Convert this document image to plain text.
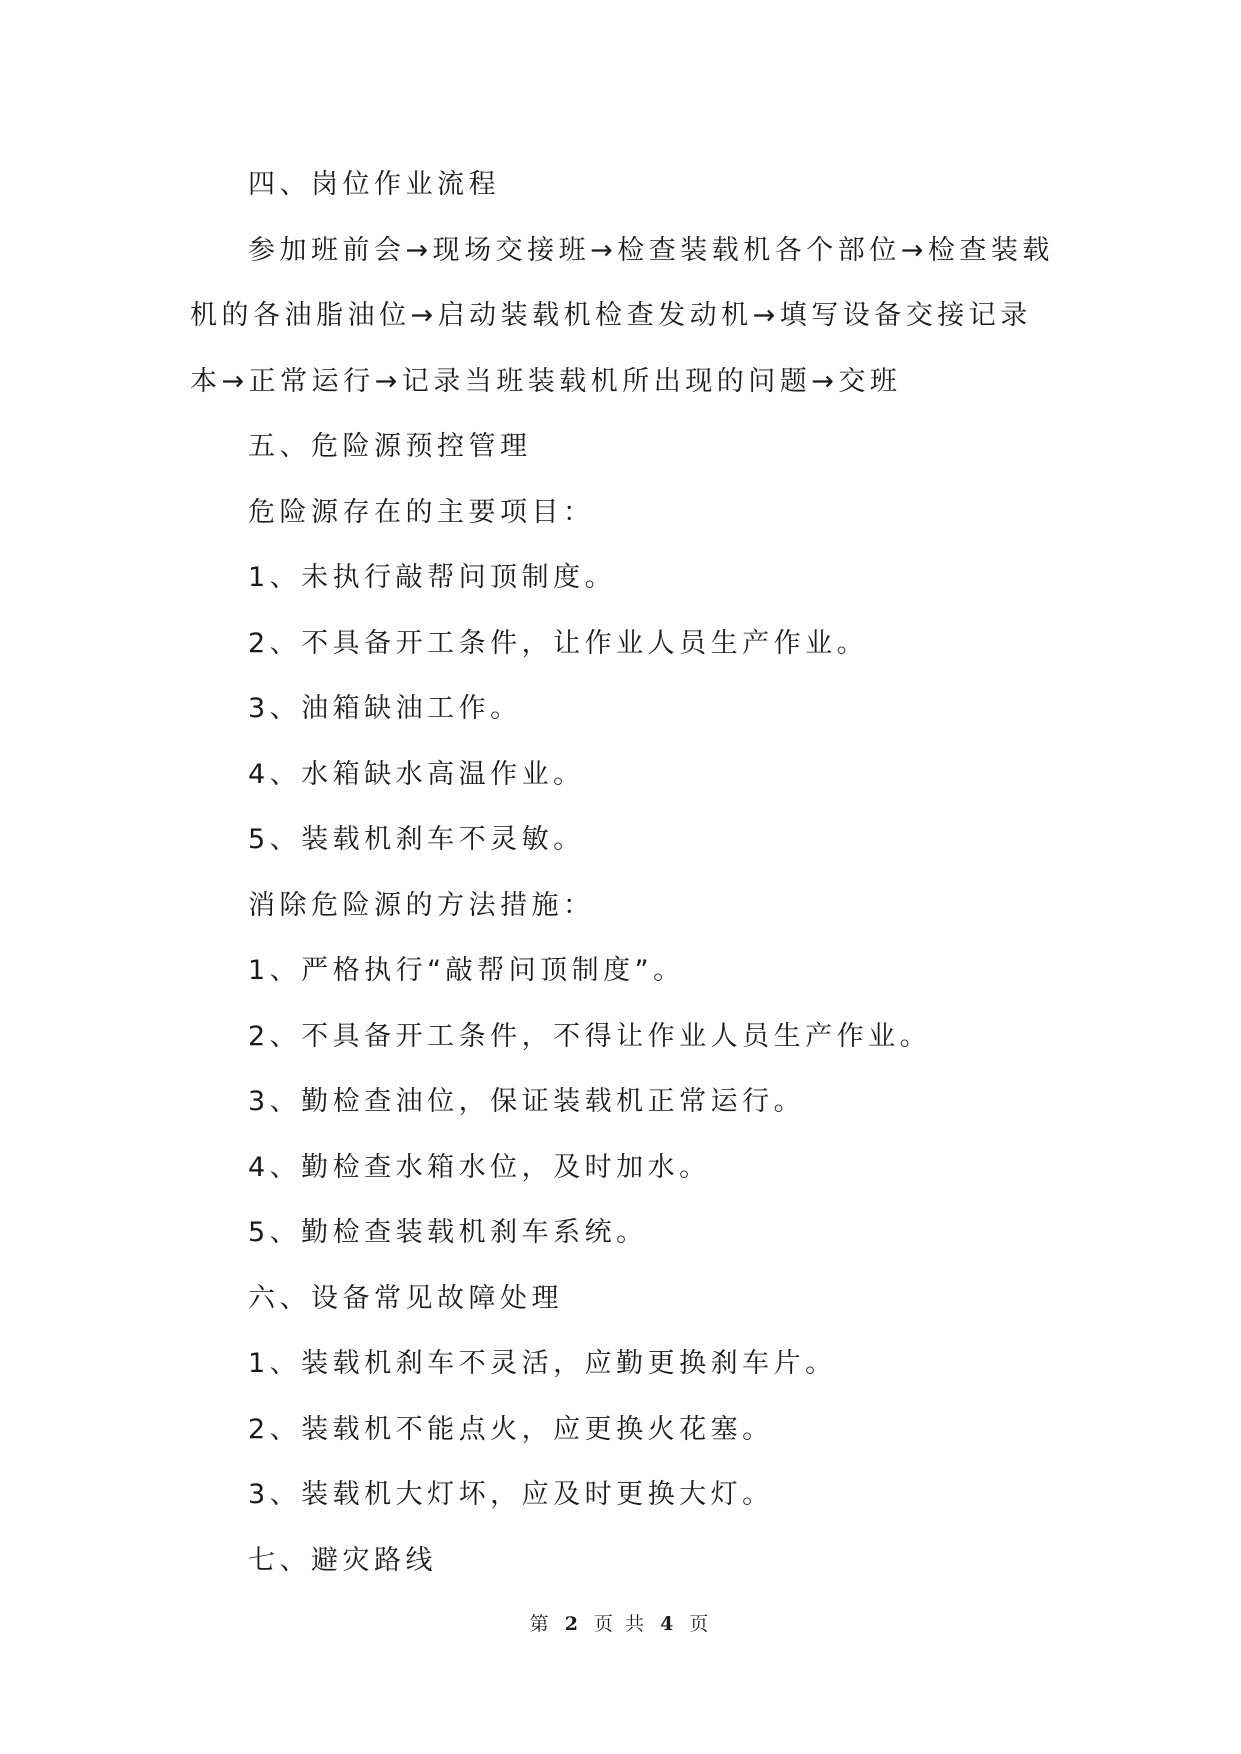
四、岗位作业流程

参加班前会→现场交接班→检查装载机各个部位→检查装载机的各油脂油位→启动装载机检查发动机→填写设备交接记录本→正常运行→记录当班装载机所出现的问题→交班

五、危险源预控管理

危险源存在的主要项目：

1、未执行敲帮问顶制度。

2、不具备开工条件，让作业人员生产作业。

3、油箱缺油工作。

4、水箱缺水高温作业。

5、装载机刹车不灵敏。

消除危险源的方法措施：

1、严格执行“敲帮问顶制度”。

2、不具备开工条件，不得让作业人员生产作业。

3、勤检查油位，保证装载机正常运行。

4、勤检查水箱水位，及时加水。

5、勤检查装载机刹车系统。

六、设备常见故障处理

1、装载机刹车不灵活，应勤更换刹车片。

2、装载机不能点火，应更换火花塞。

3、装载机大灯坏，应及时更换大灯。

七、避灾路线

第 2 页 共 4 页
